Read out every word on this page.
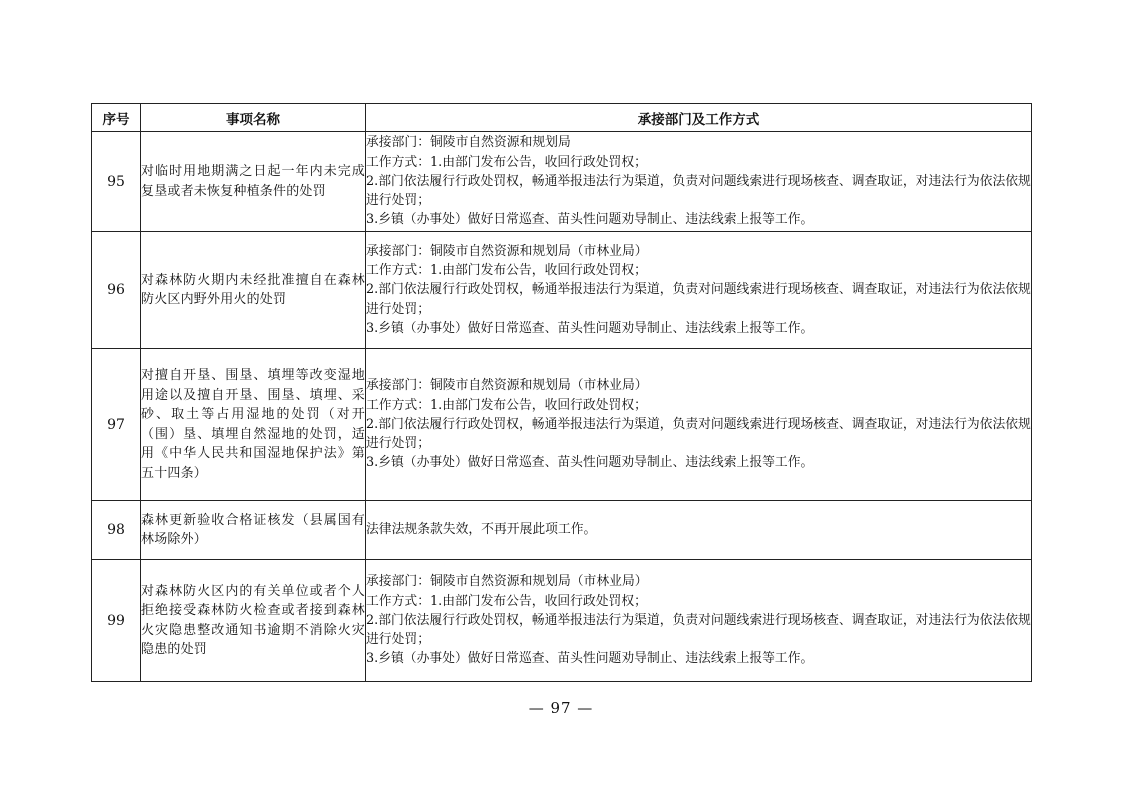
序号	事项名称	承接部门及工作方式
95	对临时用地期满之日起一年内未完成复垦或者未恢复种植条件的处罚	承接部门：铜陵市自然资源和规划局
工作方式：1.由部门发布公告，收回行政处罚权；
2.部门依法履行行政处罚权，畅通举报违法行为渠道，负责对问题线索进行现场核查、调查取证，对违法行为依法依规进行处罚；
3.乡镇（办事处）做好日常巡查、苗头性问题劝导制止、违法线索上报等工作。

96	对森林防火期内未经批准擅自在森林防火区内野外用火的处罚	承接部门：铜陵市自然资源和规划局（市林业局）
工作方式：1.由部门发布公告，收回行政处罚权；
2.部门依法履行行政处罚权，畅通举报违法行为渠道，负责对问题线索进行现场核查、调查取证，对违法行为依法依规进行处罚；
3.乡镇（办事处）做好日常巡查、苗头性问题劝导制止、违法线索上报等工作。

97	对擅自开垦、围垦、填埋等改变湿地用途以及擅自开垦、围垦、填埋、采砂、取土等占用湿地的处罚（对开（围）垦、填埋自然湿地的处罚，适用《中华人民共和国湿地保护法》第五十四条）	承接部门：铜陵市自然资源和规划局（市林业局）
工作方式：1.由部门发布公告，收回行政处罚权；
2.部门依法履行行政处罚权，畅通举报违法行为渠道，负责对问题线索进行现场核查、调查取证，对违法行为依法依规进行处罚；
3.乡镇（办事处）做好日常巡查、苗头性问题劝导制止、违法线索上报等工作。

98	森林更新验收合格证核发（县属国有林场除外）	法律法规条款失效，不再开展此项工作。

99	对森林防火区内的有关单位或者个人拒绝接受森林防火检查或者接到森林火灾隐患整改通知书逾期不消除火灾隐患的处罚	承接部门：铜陵市自然资源和规划局（市林业局）
工作方式：1.由部门发布公告，收回行政处罚权；
2.部门依法履行行政处罚权，畅通举报违法行为渠道，负责对问题线索进行现场核查、调查取证，对违法行为依法依规进行处罚；
3.乡镇（办事处）做好日常巡查、苗头性问题劝导制止、违法线索上报等工作。
— 97 —
